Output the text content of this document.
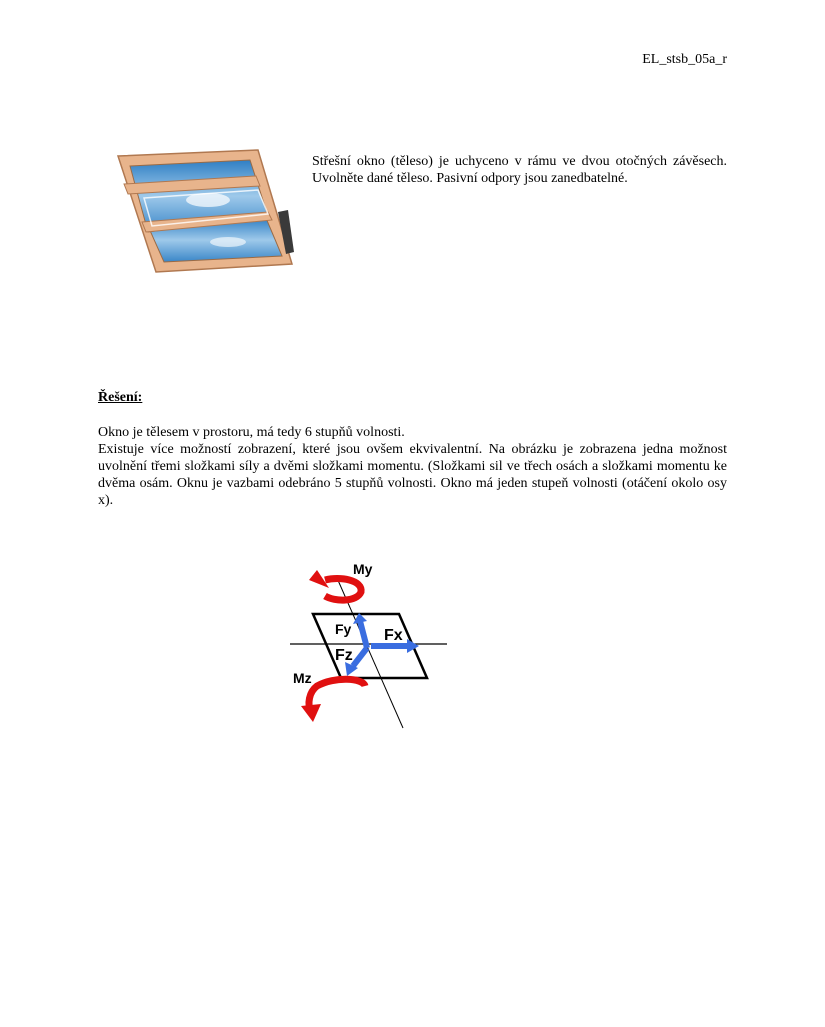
EL_stsb_05a_r

Střešní okno (těleso) je uchyceno v rámu ve dvou otočných závěsech. Uvolněte dané těleso. Pasivní odpory jsou zanedbatelné.

Řešení:

Okno je tělesem v prostoru, má tedy 6 stupňů volnosti.

Existuje více možností zobrazení, které jsou ovšem ekvivalentní. Na obrázku je zobrazena jedna možnost uvolnění třemi složkami síly a dvěmi složkami momentu. (Složkami sil ve třech osách a složkami momentu ke dvěma osám. Oknu je vazbami odebráno 5 stupňů volnosti. Okno má jeden stupeň volnosti (otáčení okolo osy x).

My
Fy Fx
Fz
Mz
